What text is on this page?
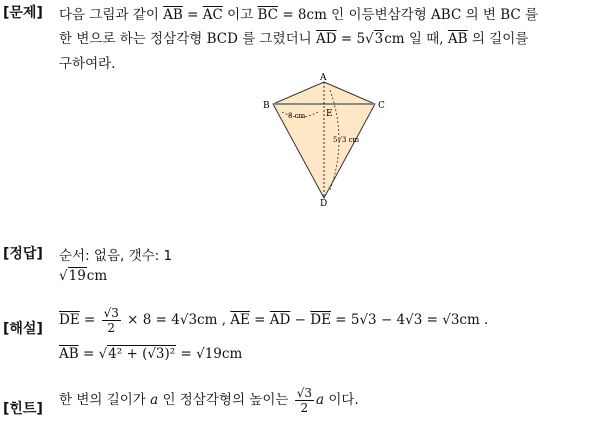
[문제] 다음 그림과 같이 $\overline{AB} = \overline{AC}$ 이고 $\overline{BC} = 8cm$ 인 이등변삼각형 ABC 의 변 BC 를
한 변으로 하는 정삼각형 BCD 를 그렸더니 $\overline{AD} = 5√3cm$ 일 때, $\overline{AB}$ 의 길이를
구하여라.
A
B	C
D
E
8 cm
5√3 cm
[정답] 순서: 없음, 갯수: 1
√19cm
[해설]
$\overline{DE} = \frac{√3}{2} \times 8 = 4√3cm$ , $\overline{AE} = \overline{AD} - \overline{DE} = 5√3 - 4√3 = √3cm$ .
$\overline{AB} = √4^2 + (√3)^2 = √19cm$
[힌트]
한 변의 길이가 a 인 정삼각형의 높이는 $\frac{√3}{2}$ a 이다.
